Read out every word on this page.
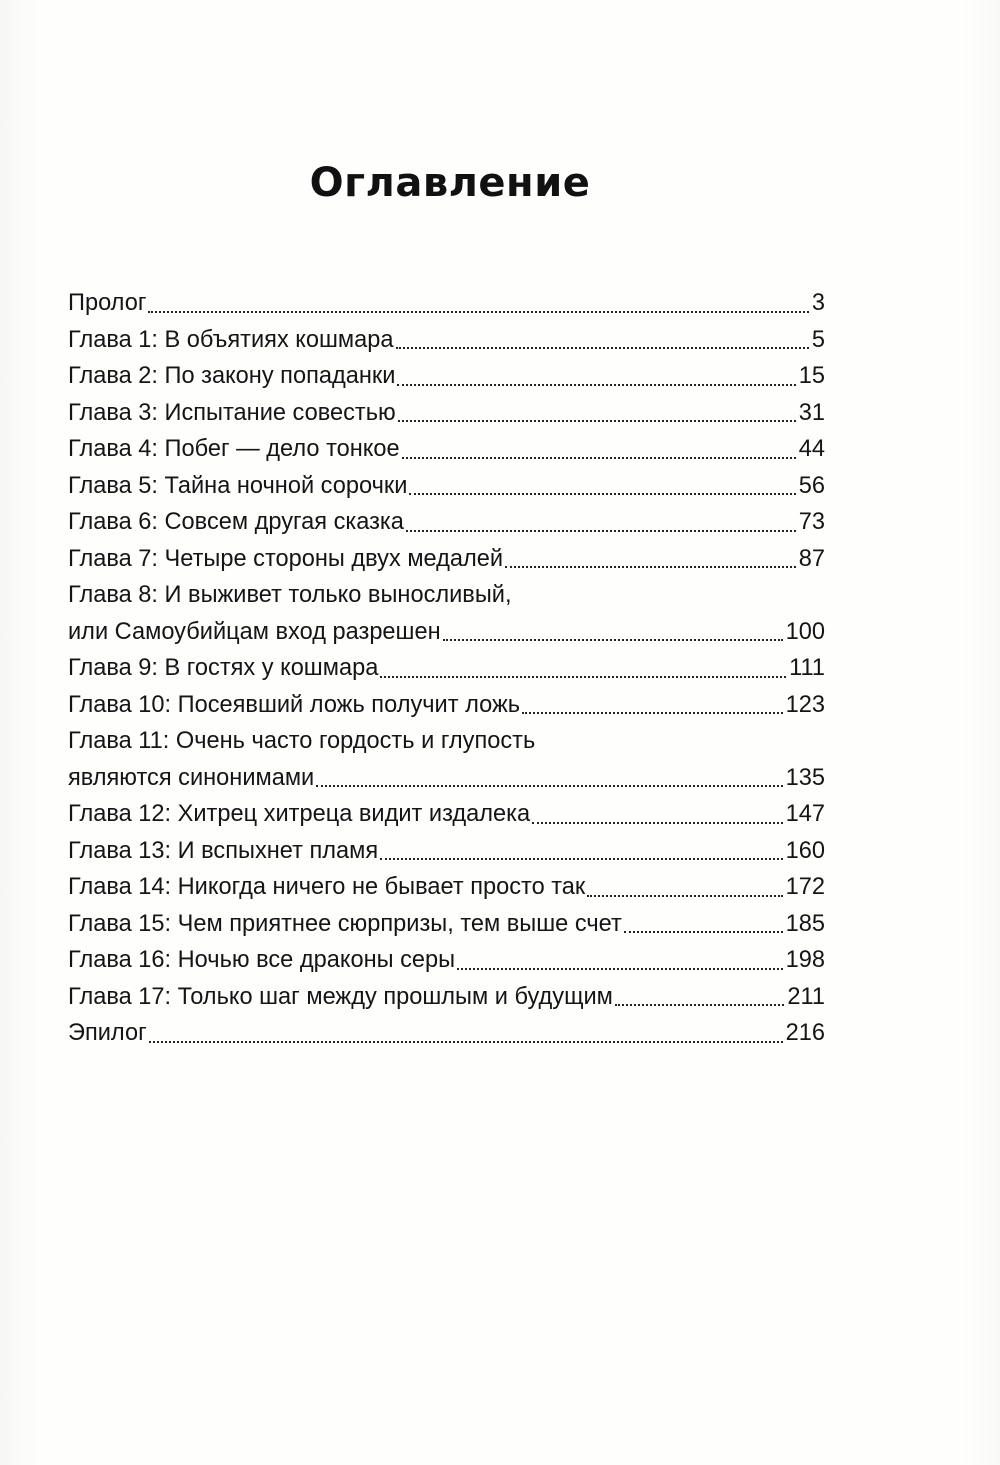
Оглавление
Пролог	3
Глава 1: В объятиях кошмара	5
Глава 2: По закону попаданки	15
Глава 3: Испытание совестью	31
Глава 4: Побег — дело тонкое	44
Глава 5: Тайна ночной сорочки	56
Глава 6: Совсем другая сказка	73
Глава 7: Четыре стороны двух медалей	87
Глава 8: И выживет только выносливый,
или Самоубийцам вход разрешен	100
Глава 9: В гостях у кошмара	111
Глава 10: Посеявший ложь получит ложь	123
Глава 11: Очень часто гордость и глупость
являются синонимами	135
Глава 12: Хитрец хитреца видит издалека	147
Глава 13: И вспыхнет пламя	160
Глава 14: Никогда ничего не бывает просто так	172
Глава 15: Чем приятнее сюрпризы, тем выше счет	185
Глава 16: Ночью все драконы серы	198
Глава 17: Только шаг между прошлым и будущим	211
Эпилог	216
